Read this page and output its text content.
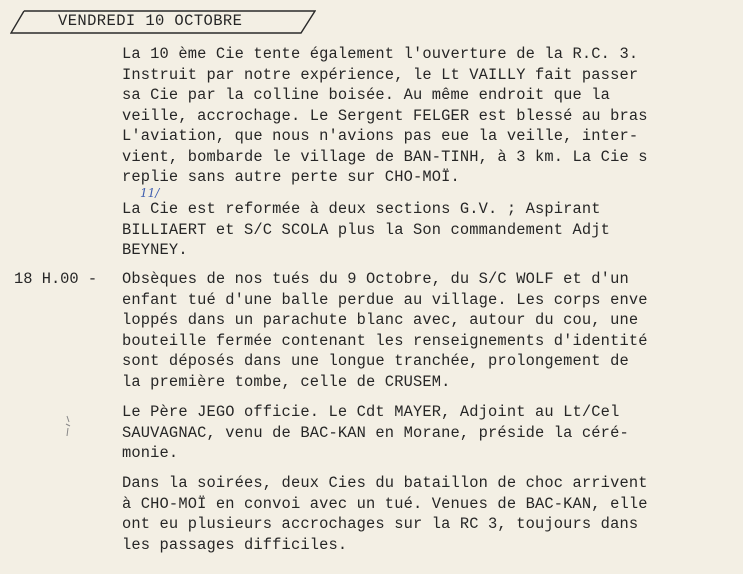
VENDREDI 10 OCTOBRE
11/

La 10 ème Cie tente également l'ouverture de la R.C. 3.
Instruit par notre expérience, le Lt VAILLY fait passer
sa Cie par la colline boisée. Au même endroit que la
veille, accrochage. Le Sergent FELGER est blessé au bras
L'aviation, que nous n'avions pas eue la veille, inter-
vient, bombarde le village de BAN-TINH, à 3 km. La Cie s
replie sans autre perte sur CHO-MOÏ.

La Cie est reformée à deux sections G.V. ; Aspirant
BILLIAERT et S/C SCOLA plus la Son commandement Adjt
BEYNEY.

18 H.00 - Obsèques de nos tués du 9 Octobre, du S/C WOLF et d'un
enfant tué d'une balle perdue au village. Les corps enve
loppés dans un parachute blanc avec, autour du cou, une
bouteille fermée contenant les renseignements d'identité
sont déposés dans une longue tranchée, prolongement de
la première tombe, celle de CRUSEM.

Le Père JEGO officie. Le Cdt MAYER, Adjoint au Lt/Cel
SAUVAGNAC, venu de BAC-KAN en Morane, préside la céré-
monie.

Dans la soirées, deux Cies du bataillon de choc arrivent
à CHO-MOÏ en convoi avec un tué. Venues de BAC-KAN, elle
ont eu plusieurs accrochages sur la RC 3, toujours dans
les passages difficiles.
